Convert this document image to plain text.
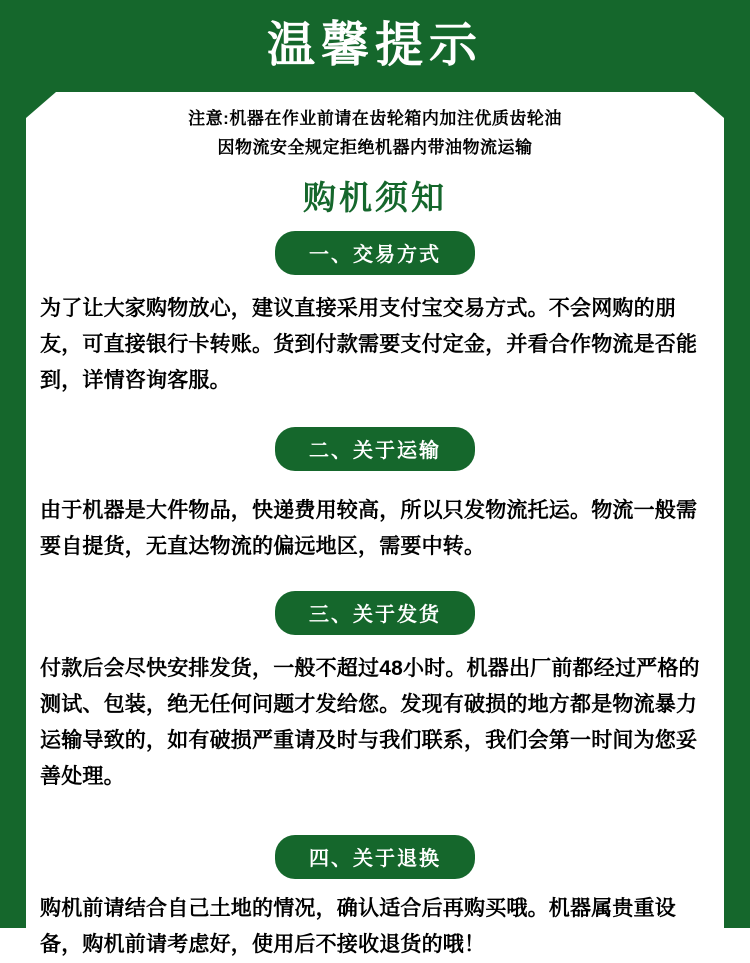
温馨提示
注意:机器在作业前请在齿轮箱内加注优质齿轮油
因物流安全规定拒绝机器内带油物流运输
购机须知
一、交易方式
为了让大家购物放心，建议直接采用支付宝交易方式。不会网购的朋友，可直接银行卡转账。货到付款需要支付定金，并看合作物流是否能到，详情咨询客服。
二、关于运输
由于机器是大件物品，快递费用较高，所以只发物流托运。物流一般需要自提货，无直达物流的偏远地区，需要中转。
三、关于发货
付款后会尽快安排发货，一般不超过48小时。机器出厂前都经过严格的测试、包装，绝无任何问题才发给您。发现有破损的地方都是物流暴力运输导致的，如有破损严重请及时与我们联系，我们会第一时间为您妥善处理。
四、关于退换
购机前请结合自己土地的情况，确认适合后再购买哦。机器属贵重设备，购机前请考虑好，使用后不接收退货的哦！
